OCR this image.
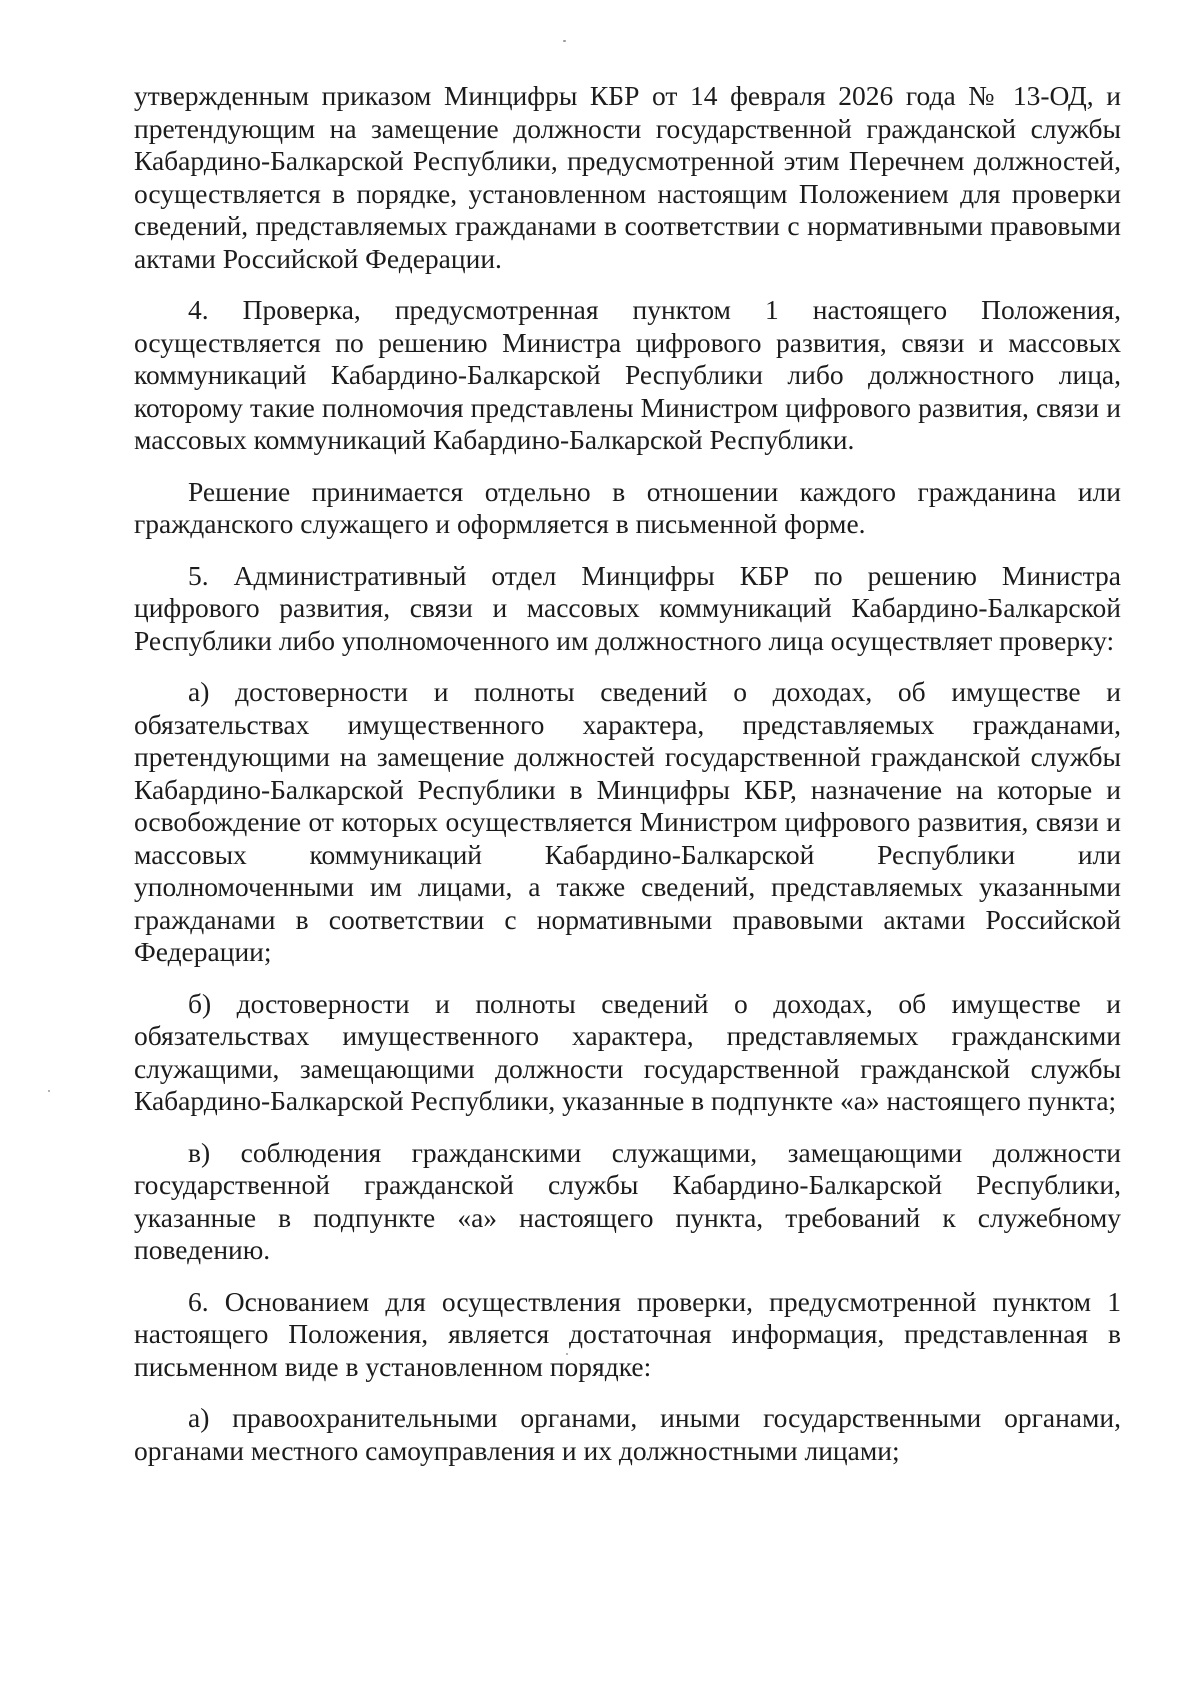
утвержденным приказом Минцифры КБР от 14 февраля 2026 года № 13-ОД, и претендующим на замещение должности государственной гражданской службы Кабардино-Балкарской Республики, предусмотренной этим Перечнем должностей, осуществляется в порядке, установленном настоящим Положением для проверки сведений, представляемых гражданами в соответствии с нормативными правовыми актами Российской Федерации.

4. Проверка, предусмотренная пунктом 1 настоящего Положения, осуществляется по решению Министра цифрового развития, связи и массовых коммуникаций Кабардино-Балкарской Республики либо должностного лица, которому такие полномочия представлены Министром цифрового развития, связи и массовых коммуникаций Кабардино-Балкарской Республики.

Решение принимается отдельно в отношении каждого гражданина или гражданского служащего и оформляется в письменной форме.

5. Административный отдел Минцифры КБР по решению Министра цифрового развития, связи и массовых коммуникаций Кабардино-Балкарской Республики либо уполномоченного им должностного лица осуществляет проверку:

а) достоверности и полноты сведений о доходах, об имуществе и обязательствах имущественного характера, представляемых гражданами, претендующими на замещение должностей государственной гражданской службы Кабардино-Балкарской Республики в Минцифры КБР, назначение на которые и освобождение от которых осуществляется Министром цифрового развития, связи и массовых коммуникаций Кабардино-Балкарской Республики или уполномоченными им лицами, а также сведений, представляемых указанными гражданами в соответствии с нормативными правовыми актами Российской Федерации;

б) достоверности и полноты сведений о доходах, об имуществе и обязательствах имущественного характера, представляемых гражданскими служащими, замещающими должности государственной гражданской службы Кабардино-Балкарской Республики, указанные в подпункте «а» настоящего пункта;

в) соблюдения гражданскими служащими, замещающими должности государственной гражданской службы Кабардино-Балкарской Республики, указанные в подпункте «а» настоящего пункта, требований к служебному поведению.

6. Основанием для осуществления проверки, предусмотренной пунктом 1 настоящего Положения, является достаточная информация, представленная в письменном виде в установленном порядке:

а) правоохранительными органами, иными государственными органами, органами местного самоуправления и их должностными лицами;
